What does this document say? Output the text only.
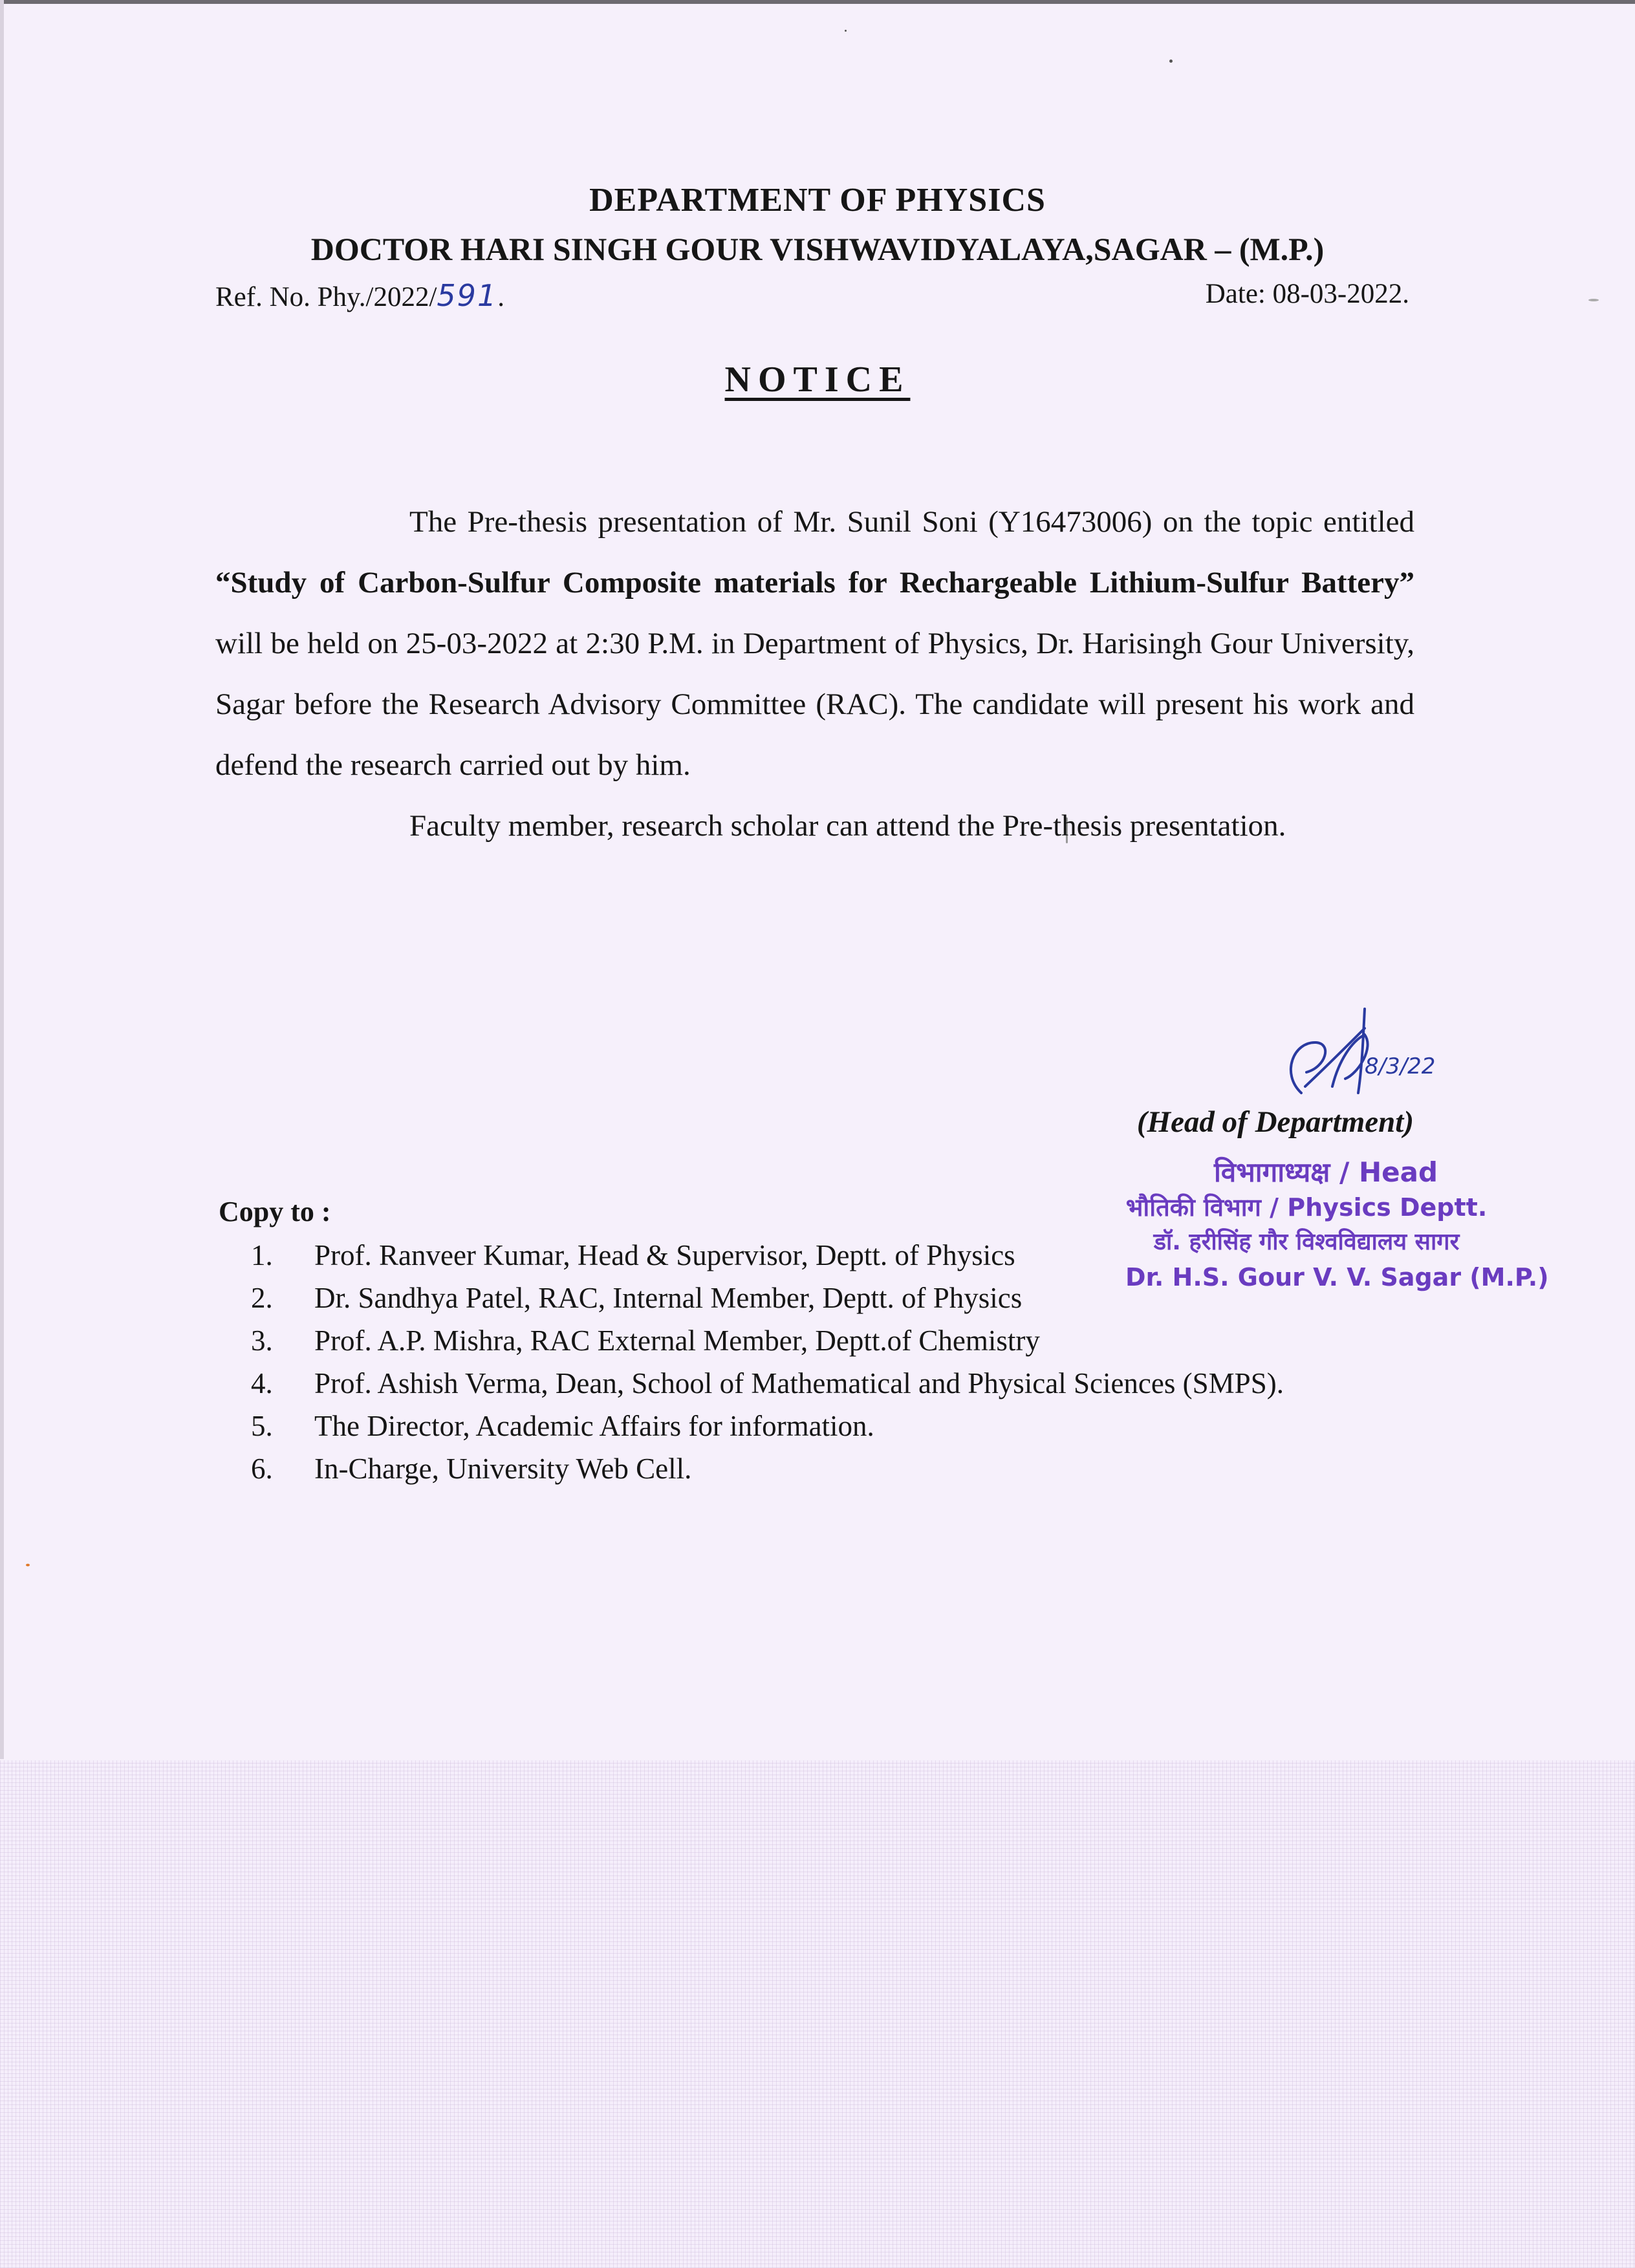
DEPARTMENT OF PHYSICS
DOCTOR HARI SINGH GOUR VISHWAVIDYALAYA,SAGAR – (M.P.)
Ref. No. Phy./2022/591.	Date: 08-03-2022.
NOTICE

The Pre-thesis presentation of Mr. Sunil Soni (Y16473006) on the topic entitled “Study of Carbon-Sulfur Composite materials for Rechargeable Lithium-Sulfur Battery” will be held on 25-03-2022 at 2:30 P.M. in Department of Physics, Dr. Harisingh Gour University, Sagar before the Research Advisory Committee (RAC). The candidate will present his work and defend the research carried out by him.

Faculty member, research scholar can attend the Pre-thesis presentation.

8/3/22
(Head of Department)
विभागाध्यक्ष / Head
भौतिकी विभाग / Physics Deptt.
डॉ. हरीसिंह गौर विश्वविद्यालय सागर
Dr. H.S. Gour V. V. Sagar (M.P.)
Copy to :
1. Prof. Ranveer Kumar, Head & Supervisor, Deptt. of Physics
2. Dr. Sandhya Patel, RAC, Internal Member, Deptt. of Physics
3. Prof. A.P. Mishra, RAC External Member, Deptt.of Chemistry
4. Prof. Ashish Verma, Dean, School of Mathematical and Physical Sciences (SMPS).
5. The Director, Academic Affairs for information.
6. In-Charge, University Web Cell.
